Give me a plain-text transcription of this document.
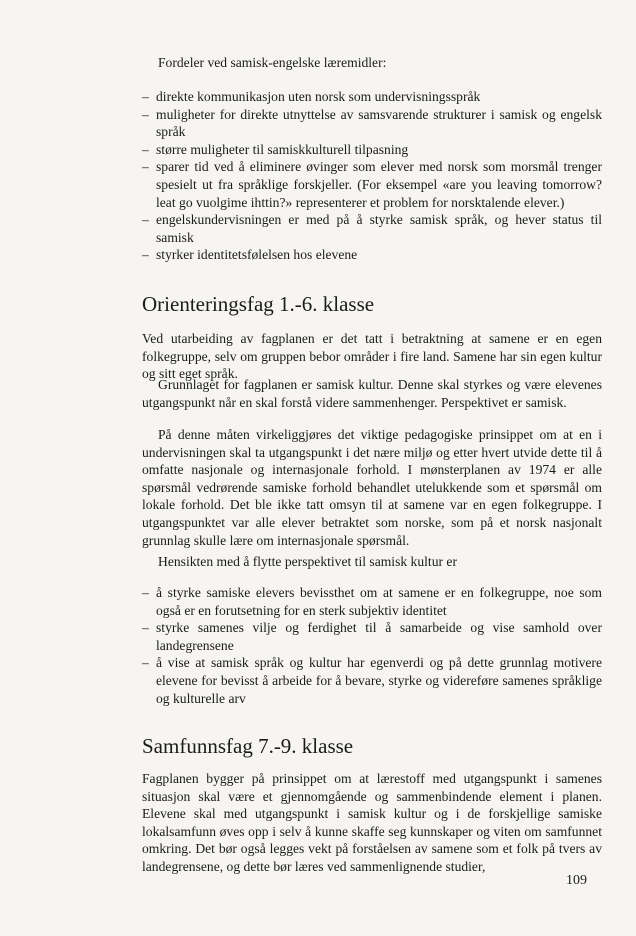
Fordeler ved samisk-engelske læremidler:
– direkte kommunikasjon uten norsk som undervisningsspråk
– muligheter for direkte utnyttelse av samsvarende strukturer i samisk og engelsk språk
– større muligheter til samiskkulturell tilpasning
– sparer tid ved å eliminere øvinger som elever med norsk som morsmål trenger spesielt ut fra språklige forskjeller. (For eksempel «are you leaving tomorrow? leat go vuolgime ihttin?» representerer et problem for norsktalende elever.)
– engelskundervisningen er med på å styrke samisk språk, og hever status til samisk
– styrker identitetsfølelsen hos elevene
Orienteringsfag 1.-6. klasse

Ved utarbeiding av fagplanen er det tatt i betraktning at samene er en egen folkegruppe, selv om gruppen bebor områder i fire land. Samene har sin egen kultur og sitt eget språk.

Grunnlaget for fagplanen er samisk kultur. Denne skal styrkes og være elevenes utgangspunkt når en skal forstå videre sammenhenger. Perspektivet er samisk.

På denne måten virkeliggjøres det viktige pedagogiske prinsippet om at en i undervisningen skal ta utgangspunkt i det nære miljø og etter hvert utvide dette til å omfatte nasjonale og internasjonale forhold. I mønsterplanen av 1974 er alle spørsmål vedrørende samiske forhold behandlet utelukkende som et spørsmål om lokale forhold. Det ble ikke tatt omsyn til at samene var en egen folkegruppe. I utgangspunktet var alle elever betraktet som norske, som på et norsk nasjonalt grunnlag skulle lære om internasjonale spørsmål.

Hensikten med å flytte perspektivet til samisk kultur er

– å styrke samiske elevers bevissthet om at samene er en folkegruppe, noe som også er en forutsetning for en sterk subjektiv identitet
– styrke samenes vilje og ferdighet til å samarbeide og vise samhold over landegrensene
– å vise at samisk språk og kultur har egenverdi og på dette grunnlag motivere elevene for bevisst å arbeide for å bevare, styrke og videreføre samenes språklige og kulturelle arv
Samfunnsfag 7.-9. klasse

Fagplanen bygger på prinsippet om at lærestoff med utgangspunkt i samenes situasjon skal være et gjennomgående og sammenbindende element i planen. Elevene skal med utgangspunkt i samisk kultur og i de forskjellige samiske lokalsamfunn øves opp i selv å kunne skaffe seg kunnskaper og viten om samfunnet omkring. Det bør også legges vekt på forståelsen av samene som et folk på tvers av landegrensene, og dette bør læres ved sammenlignende studier,

109
